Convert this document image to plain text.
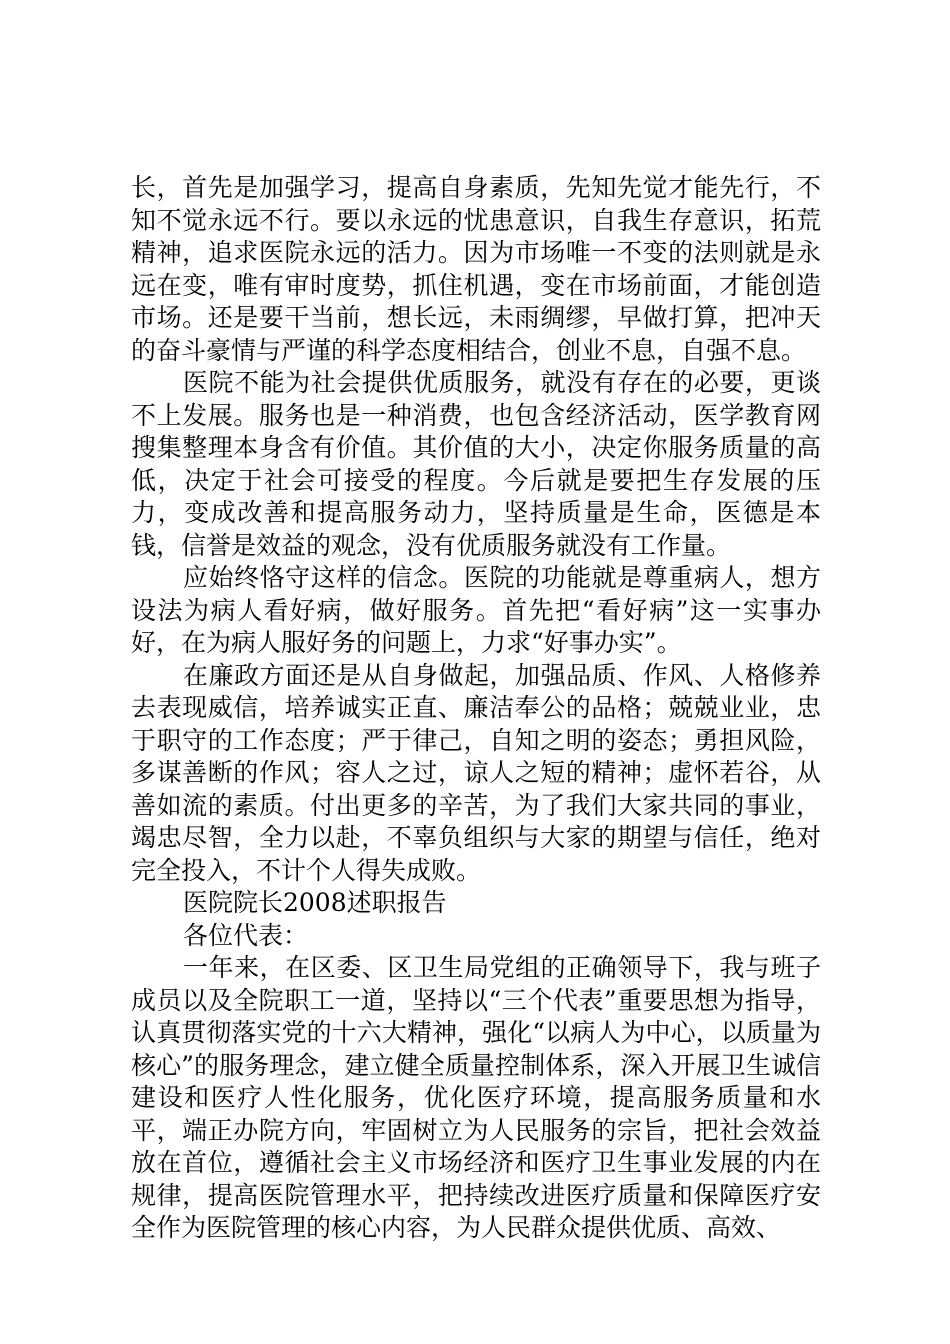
长，首先是加强学习，提高自身素质，先知先觉才能先行，不知不觉永远不行。要以永远的忧患意识，自我生存意识，拓荒精神，追求医院永远的活力。因为市场唯一不变的法则就是永远在变，唯有审时度势，抓住机遇，变在市场前面，才能创造市场。还是要干当前，想长远，未雨绸缪，早做打算，把冲天的奋斗豪情与严谨的科学态度相结合，创业不息，自强不息。

医院不能为社会提供优质服务，就没有存在的必要，更谈不上发展。服务也是一种消费，也包含经济活动，医学教育网搜集整理本身含有价值。其价值的大小，决定你服务质量的高低，决定于社会可接受的程度。今后就是要把生存发展的压力，变成改善和提高服务动力，坚持质量是生命，医德是本钱，信誉是效益的观念，没有优质服务就没有工作量。

应始终恪守这样的信念。医院的功能就是尊重病人，想方设法为病人看好病，做好服务。首先把“看好病”这一实事办好，在为病人服好务的问题上，力求“好事办实”。

在廉政方面还是从自身做起，加强品质、作风、人格修养去表现威信，培养诚实正直、廉洁奉公的品格；兢兢业业，忠于职守的工作态度；严于律己，自知之明的姿态；勇担风险，多谋善断的作风；容人之过，谅人之短的精神；虚怀若谷，从善如流的素质。付出更多的辛苦，为了我们大家共同的事业，竭忠尽智，全力以赴，不辜负组织与大家的期望与信任，绝对完全投入，不计个人得失成败。

医院院长2008述职报告

各位代表：

一年来，在区委、区卫生局党组的正确领导下，我与班子成员以及全院职工一道，坚持以“三个代表”重要思想为指导，认真贯彻落实党的十六大精神，强化“以病人为中心，以质量为核心”的服务理念，建立健全质量控制体系，深入开展卫生诚信建设和医疗人性化服务，优化医疗环境，提高服务质量和水平，端正办院方向，牢固树立为人民服务的宗旨，把社会效益放在首位，遵循社会主义市场经济和医疗卫生事业发展的内在规律，提高医院管理水平，把持续改进医疗质量和保障医疗安全作为医院管理的核心内容，为人民群众提供优质、高效、
